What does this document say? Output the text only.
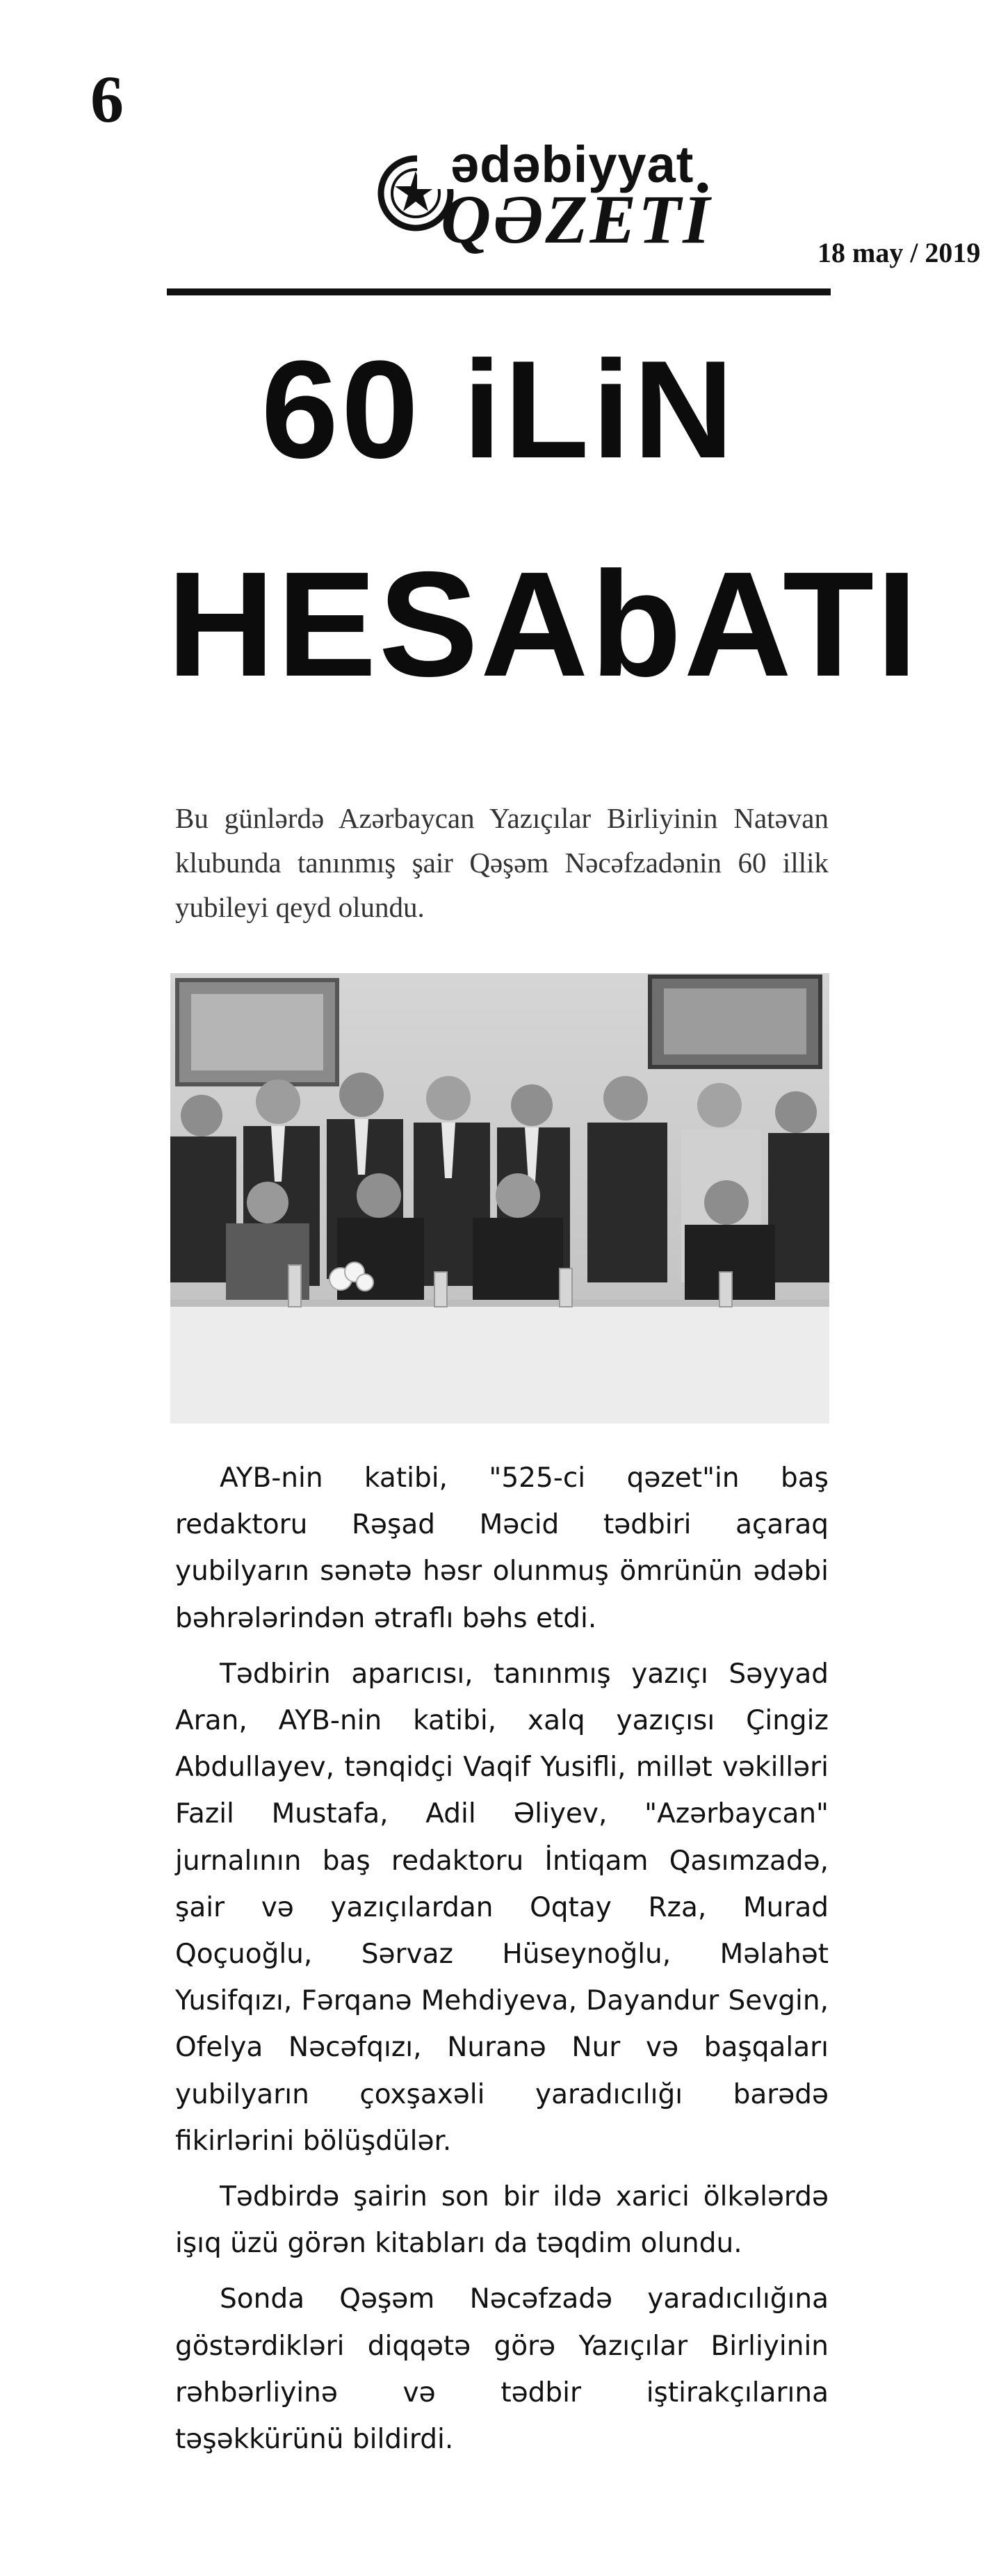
6
ədəbiyyat
QƏZETİ	18 may / 2019
60 iLiN
HESAbATI
Bu günlərdə Azərbaycan Yazıçılar Birliyinin Natəvan klubunda tanınmış şair Qəşəm Nəcəfzadənin 60 illik yubileyi qeyd olundu.

AYB-nin katibi, "525-ci qəzet"in baş redaktoru Rəşad Məcid tədbiri açaraq yubilyarın sənətə həsr olunmuş ömrünün ədəbi bəhrələrindən ətraflı bəhs etdi.

Tədbirin aparıcısı, tanınmış yazıçı Səyyad Aran, AYB-nin katibi, xalq yazıçısı Çingiz Abdullayev, tənqidçi Vaqif Yusifli, millət vəkilləri Fazil Mustafa, Adil Əliyev, "Azərbaycan" jurnalının baş redaktoru İntiqam Qasımzadə, şair və yazıçılardan Oqtay Rza, Murad Qoçuoğlu, Sərvaz Hüseynoğlu, Məlahət Yusifqızı, Fərqanə Mehdiyeva, Dayandur Sevgin, Ofelya Nəcəfqızı, Nuranə Nur və başqaları yubilyarın çoxşaxəli yaradıcılığı barədə fikirlərini bölüşdülər.

Tədbirdə şairin son bir ildə xarici ölkələrdə işıq üzü görən kitabları da təqdim olundu.

Sonda Qəşəm Nəcəfzadə yaradıcılığına göstərdikləri diqqətə görə Yazıçılar Birliyinin rəhbərliyinə və tədbir iştirakçılarına təşəkkürünü bildirdi.
